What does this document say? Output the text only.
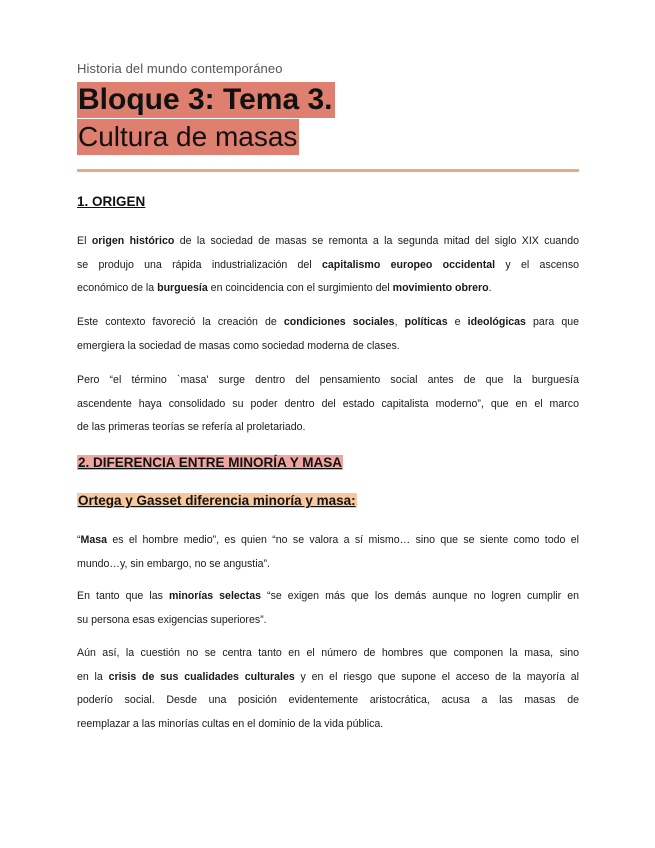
Historia del mundo contemporáneo
Bloque 3: Tema 3.
Cultura de masas
1. ORIGEN
El origen histórico de la sociedad de masas se remonta a la segunda mitad del siglo XIX cuando
se produjo una rápida industrialización del capitalismo europeo occidental y el ascenso
económico de la burguesía en coincidencia con el surgimiento del movimiento obrero.
Este contexto favoreció la creación de condiciones sociales, políticas e ideológicas para que
emergiera la sociedad de masas como sociedad moderna de clases.
Pero “el término `masa' surge dentro del pensamiento social antes de que la burguesía
ascendente haya consolidado su poder dentro del estado capitalista moderno”, que en el marco
de las primeras teorías se refería al proletariado.
2. DIFERENCIA ENTRE MINORÍA Y MASA
Ortega y Gasset diferencia minoría y masa:
“Masa es el hombre medio”, es quien “no se valora a sí mismo… sino que se siente como todo el
mundo…y, sin embargo, no se angustia”.
En tanto que las minorías selectas “se exigen más que los demás aunque no logren cumplir en
su persona esas exigencias superiores”.
Aún así, la cuestión no se centra tanto en el número de hombres que componen la masa, sino
en la crisis de sus cualidades culturales y en el riesgo que supone el acceso de la mayoría al
poderío social. Desde una posición evidentemente aristocrática, acusa a las masas de
reemplazar a las minorías cultas en el dominio de la vida pública.
